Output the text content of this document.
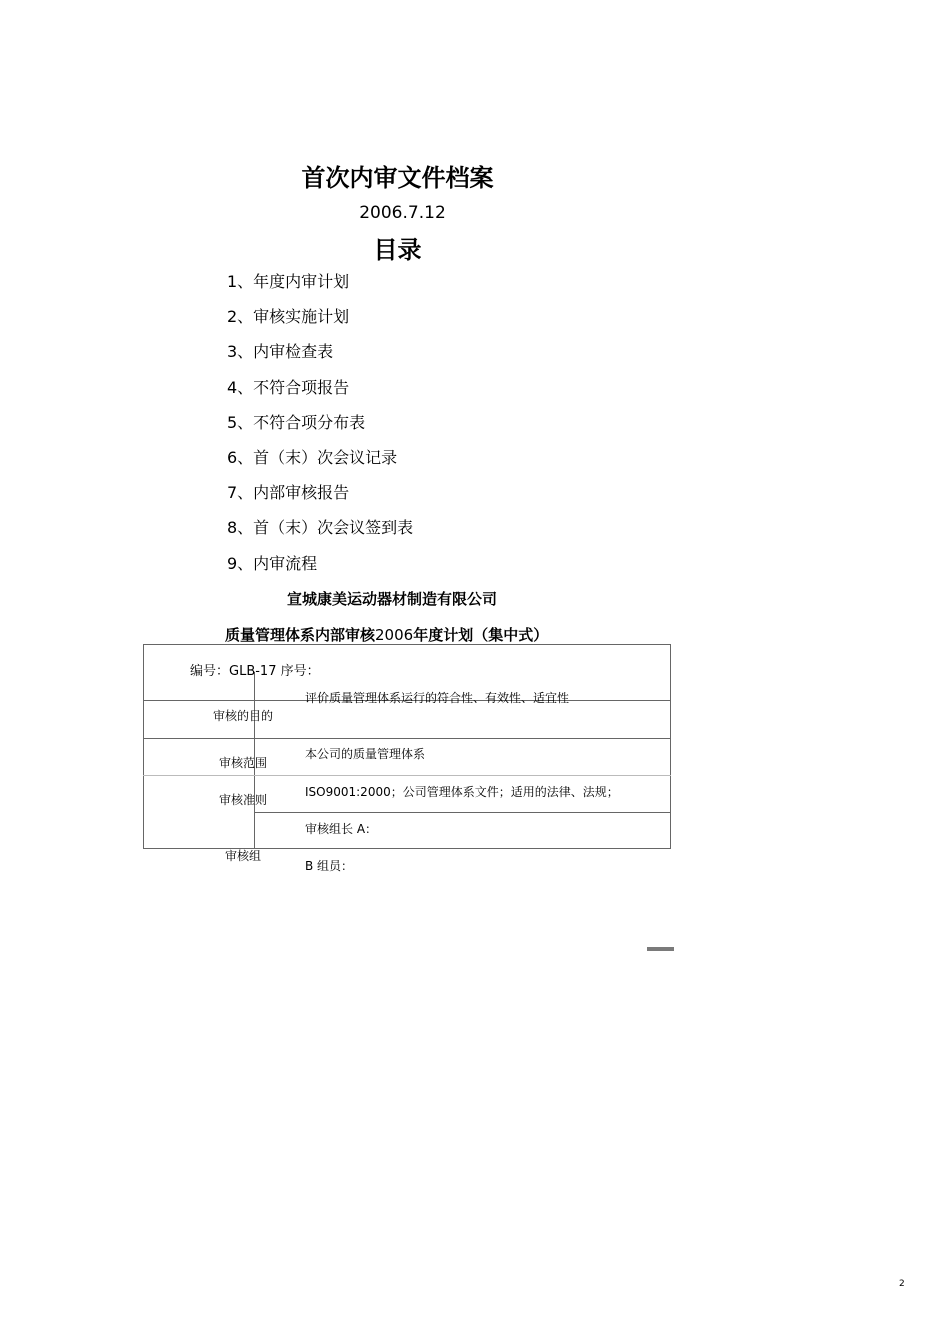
首次内审文件档案
2006.7.12
目录
1、年度内审计划
2、审核实施计划
3、内审检查表
4、不符合项报告
5、不符合项分布表
6、首（末）次会议记录
7、内部审核报告
8、首（末）次会议签到表
9、内审流程
宣城康美运动器材制造有限公司
质量管理体系内部审核2006年度计划（集中式）
编号：GLB-17 序号：
审核的目的
评价质量管理体系运行的符合性、有效性、适宜性
审核范围
本公司的质量管理体系
审核准则
ISO9001:2000；公司管理体系文件；适用的法律、法规；
审核组
审核组长 A：
B 组员：
2
